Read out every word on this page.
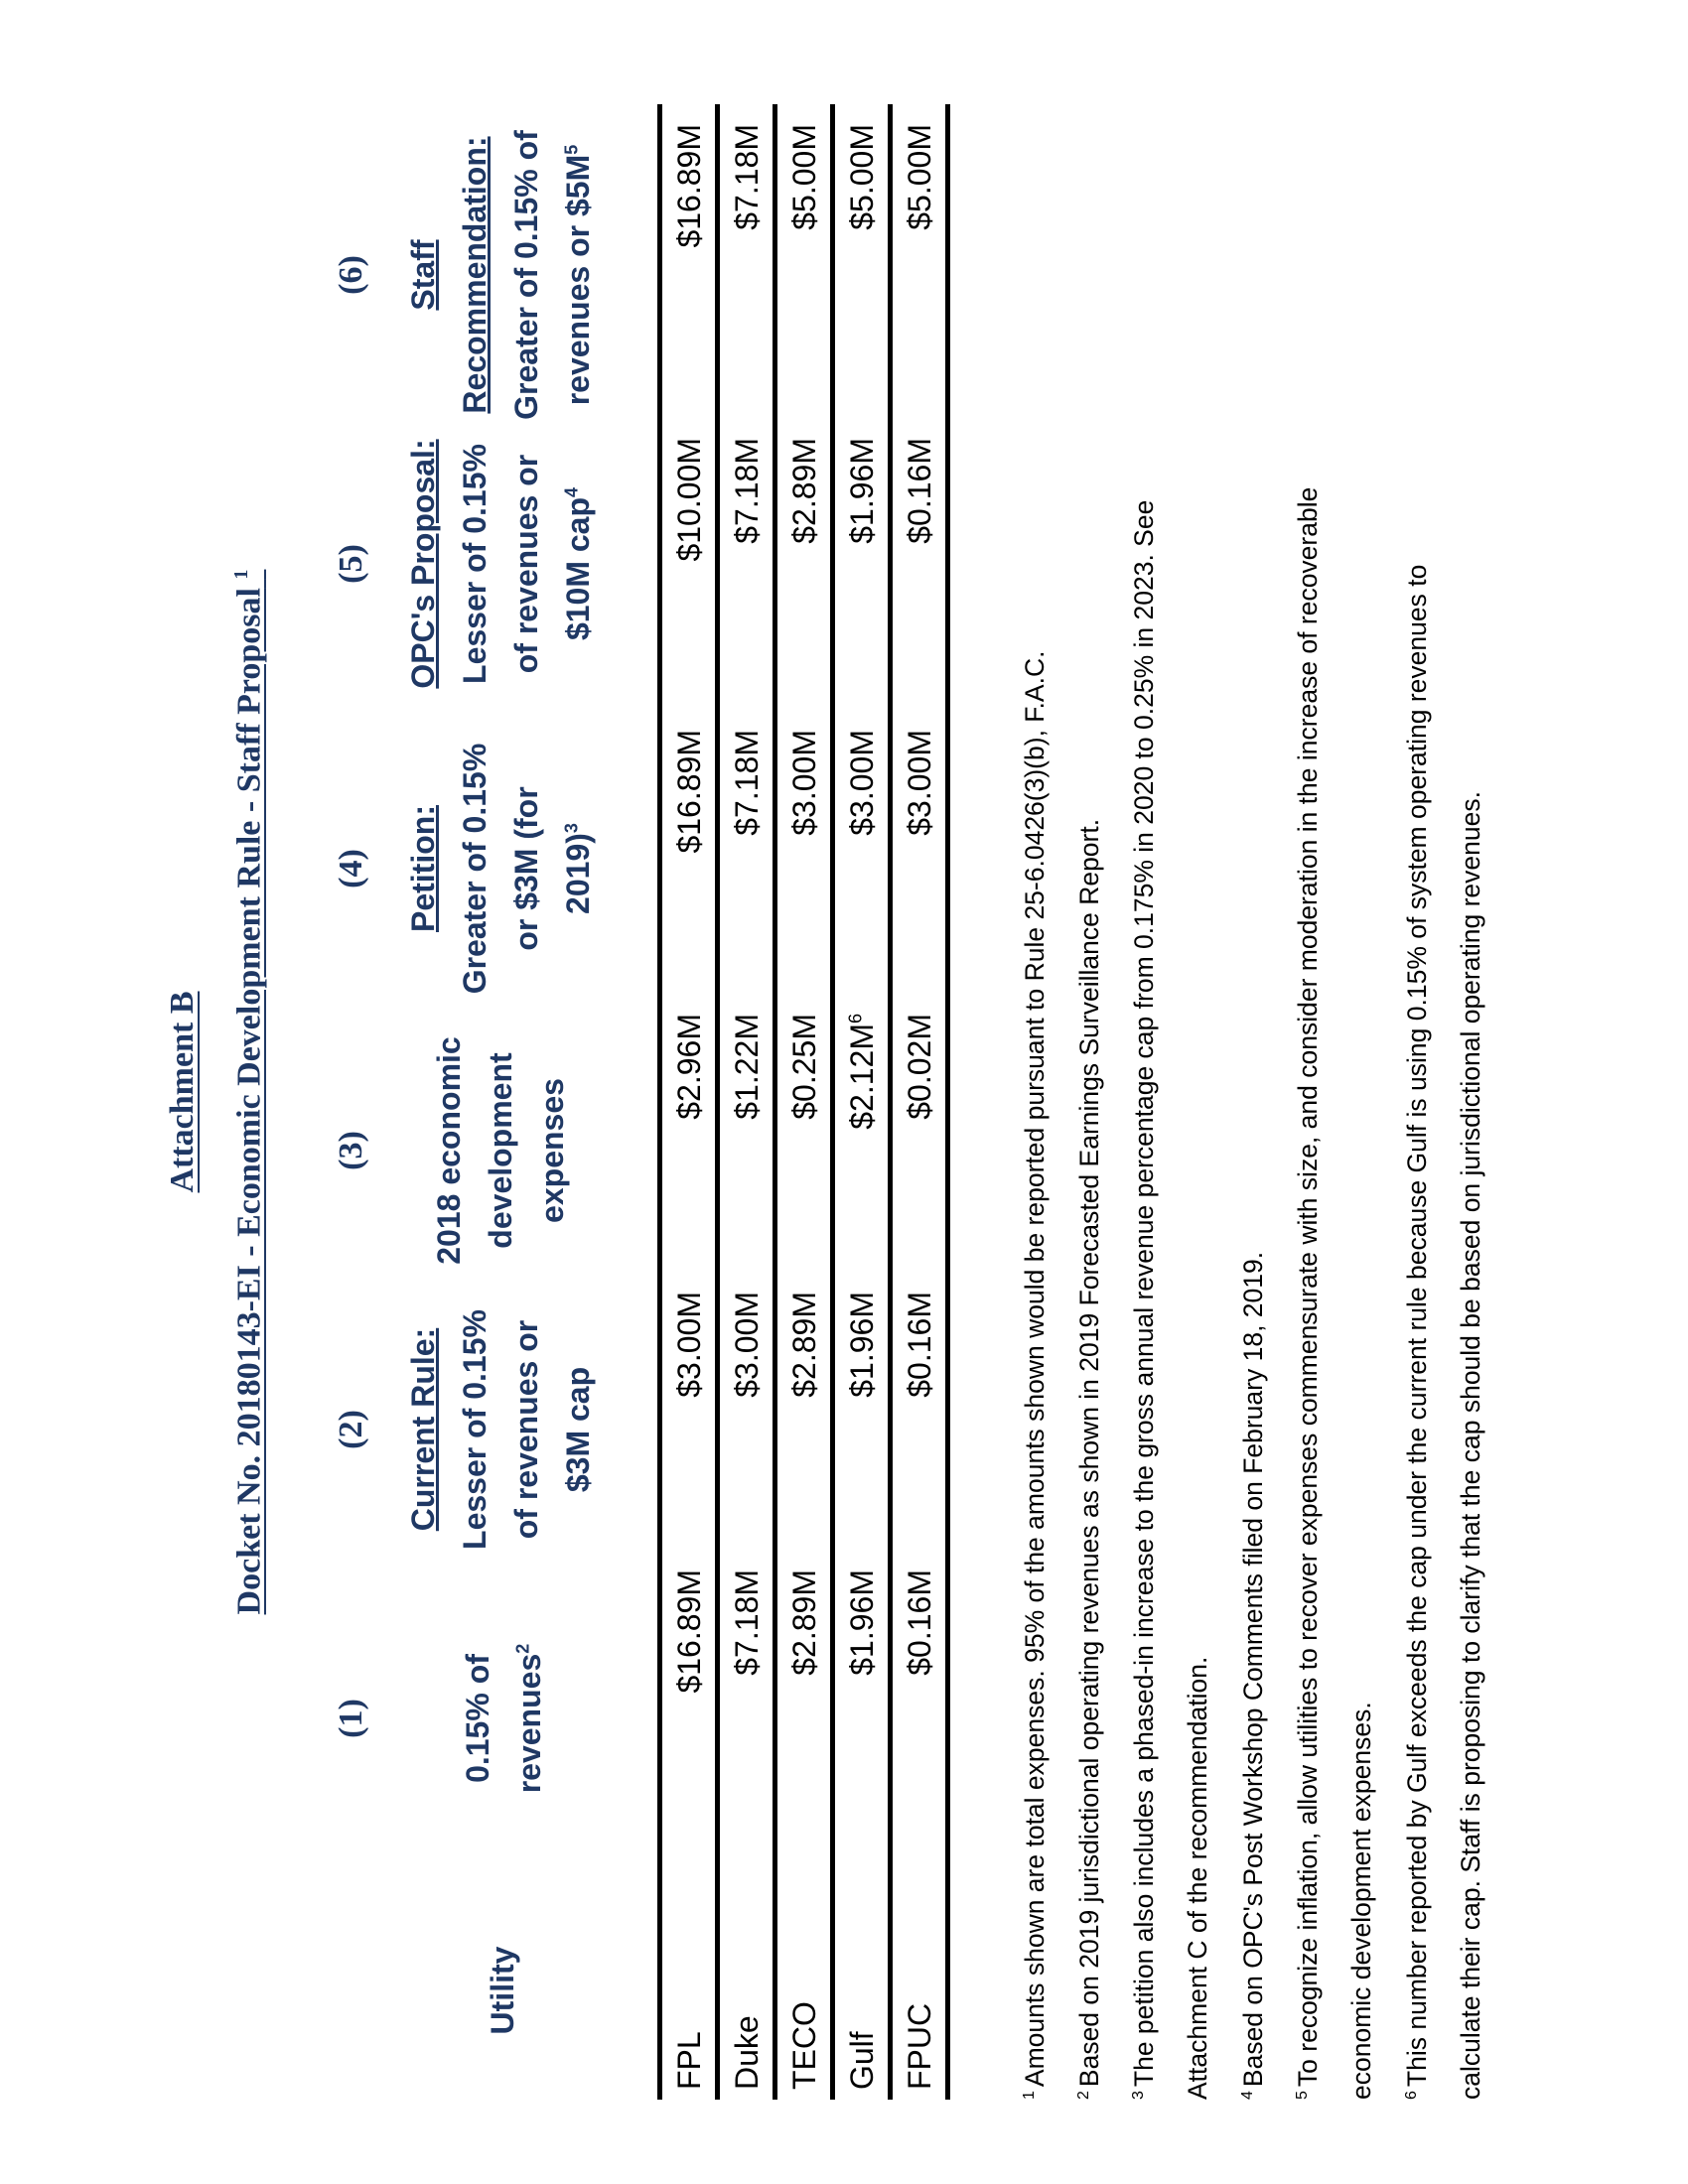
Attachment B Docket No. 20180143-EI - Economic Development Rule - Staff Proposal $^1$
(1)
(2)
(3)
(4)
(5)
(6)
Utility
0.15% of revenues$^2$
Current Rule: Lesser of 0.15% of revenues or $3M cap
2018 economic development expenses
Petition: Greater of 0.15% or $3M (for 2019)$^3$
OPC's Proposal: Lesser of 0.15% of revenues or $10M cap$^4$
Staff Recommendation: Greater of 0.15% of revenues or $\$5M^5$
FPL
$16.89M
$3.00M
$2.96M
$16.89M
$10.00M
$16.89M
Duke
$7.18M
$3.00M
$1.22M
$7.18M
$7.18M
$7.18M
TECO
$2.89M
$2.89M
$0.25M
$3.00M
$2.89M
$5.00M
Gulf
$1.96M
$1.96M
$\$2.12M^6$
$3.00M
$1.96M
$5.00M
FPUC
$0.16M
$0.16M
$0.02M
$3.00M
$0.16M
$5.00M
$^1$Amounts shown are total expenses. 95% of the amounts shown would be reported pursuant to Rule 25-6.0426(3)(b), F.A.C.
$^2$Based on 2019 jurisdictional operating revenues as shown in 2019 Forecasted Earnings Surveillance Report.
$^3$The petition also includes a phased-in increase to the gross annual revenue percentage cap from 0.175% in 2020 to 0.25% in 2023. See Attachment C of the recommendation.	$^4$Based on OPC's Post Workshop Comments filed on February 18, 2019.
$^5$To recognize inflation, allow utilities to recover expenses commensurate with size, and consider moderation in the increase of recoverable economic development expenses.	$^6$This number reported by Gulf exceeds the cap under the current rule because Gulf is using 0.15% of system operating revenues to calculate their cap. Staff is proposing to clarify that the cap should be based on jurisdictional operating revenues.
